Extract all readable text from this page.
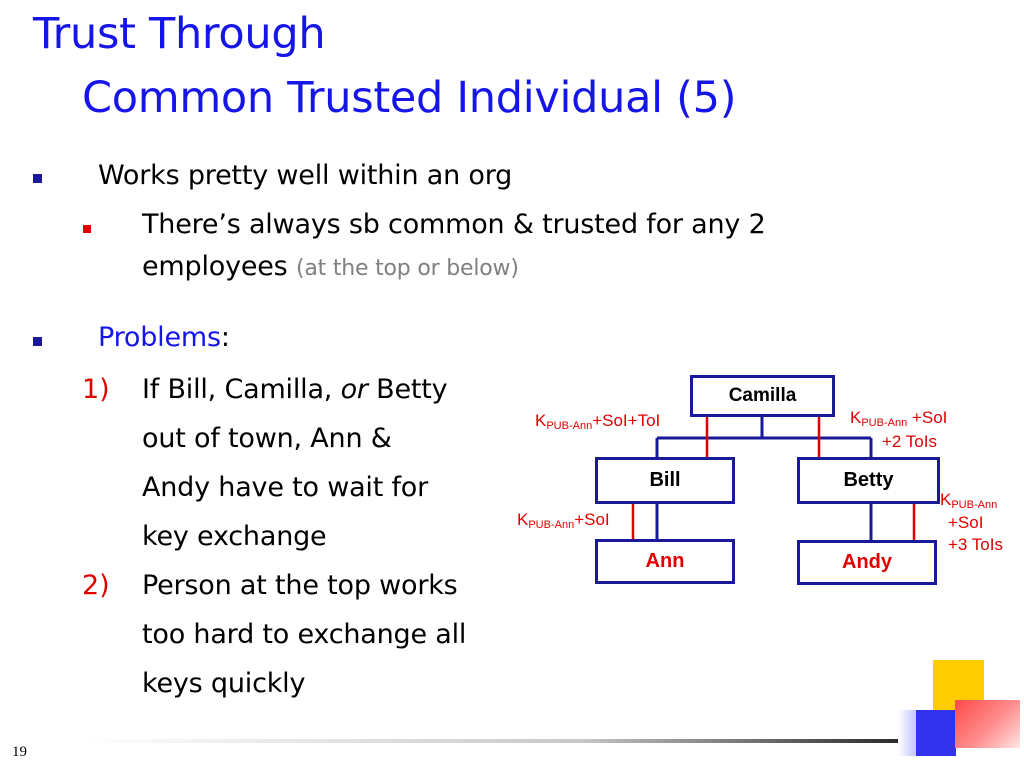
Trust Through
Common Trusted Individual (5)
Works pretty well within an org
There’s always sb common & trusted for any 2
employees (at the top or below)
Problems:
1) If Bill, Camilla, or Betty
out of town, Ann &
Andy have to wait for
key exchange
2) Person at the top works
too hard to exchange all
keys quickly
Camilla
Bill	Betty
Ann	Andy
$K_{PUB-Ann}+SoI+ToI$	$K_{PUB-Ann} +SoI$
+2 ToIs
$K_{PUB-Ann}+SoI$
$K_{PUB-Ann}$
+SoI
+3 ToIs
19
